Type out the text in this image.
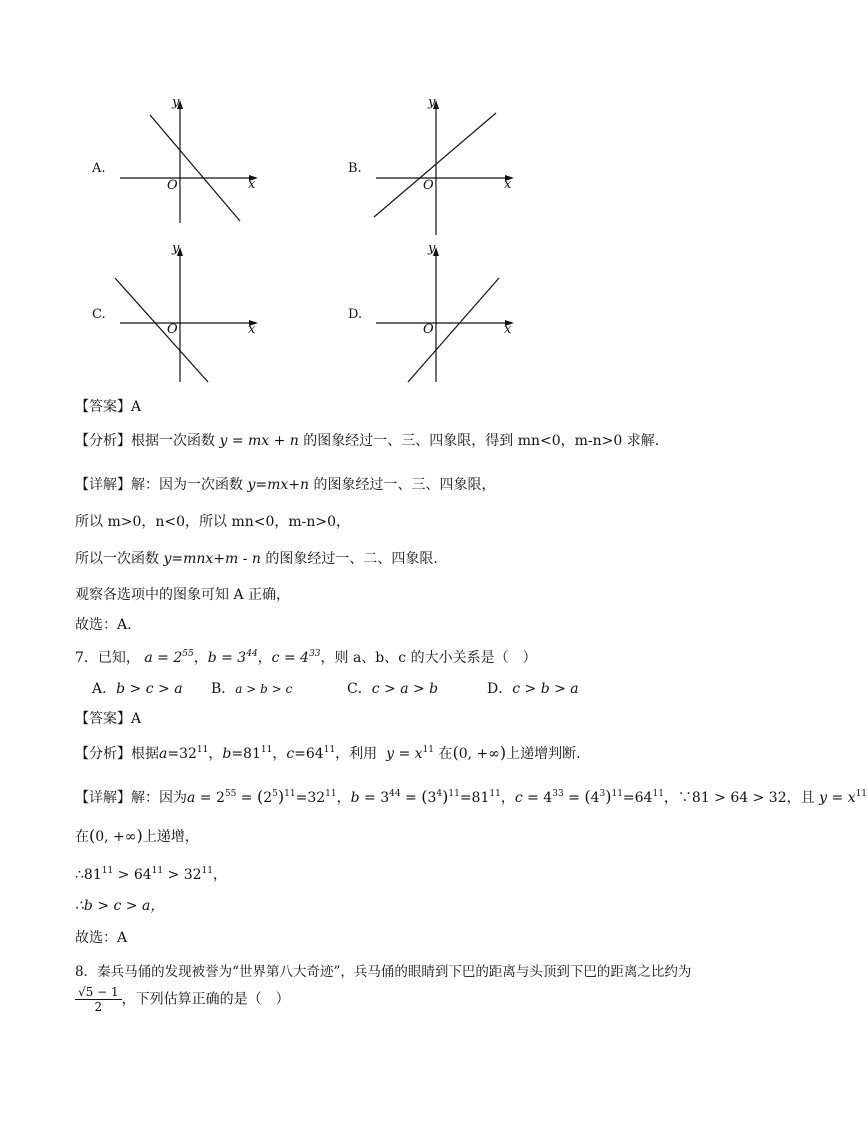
A.
y
x
O
B.
y
x
O
C.
y
x
O
D.
y
x
O
【答案】A
【分析】根据一次函数 y = mx + n 的图象经过一、三、四象限，得到 mn<0，m-n>0 求解.
【详解】解：因为一次函数 y=mx+n 的图象经过一、三、四象限，
所以 m>0，n<0，所以 mn<0，m-n>0，
所以一次函数 y=mnx+m - n 的图象经过一、二、四象限.
观察各选项中的图象可知 A 正确，
故选：A.
7．已知， $a = 2^{55}$，$b = 3^{44}$，$c = 4^{33}$，则 a、b、c 的大小关系是（　）
A．b > c > a B．a > b > c	C．c > a > b	D．c > b > a
【答案】A
【分析】根据$a=32^{11}$，$b=81^{11}$，$c=64^{11}$，利用 $y = x^{11}$ 在(0, +∞)上递增判断.
【详解】解：因为$a = 2^{55} = (2^5)^{11}=32^{11}$，$b = 3^{44} = (3^4)^{11}=81^{11}$，$c = 4^{33} = (4^3)^{11}=64^{11}$，∵81 > 64 > 32，且 $y = x^{11}$
在(0, +∞)上递增，
$\therefore 81^{11} > 64^{11} > 32^{11}$，
∴b > c > a，
故选：A
8．秦兵马俑的发现被誉为“世界第八大奇迹”，兵马俑的眼睛到下巴的距离与头顶到下巴的距离之比约为
$\frac{√5 - 1}{2}$ ，下列估算正确的是（　）
